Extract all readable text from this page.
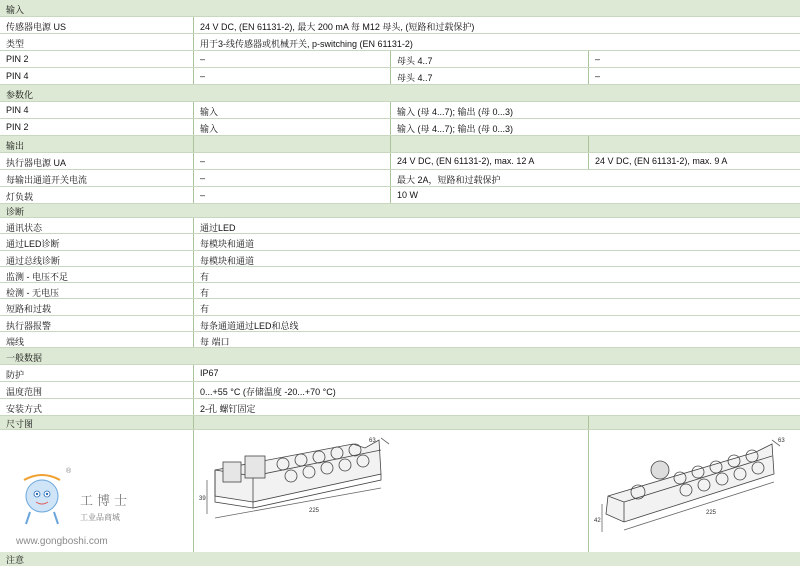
输入
传感器电源 US	24 V DC, (EN 61131-2), 最大 200 mA 每 M12 母头, (短路和过载保护)
类型	用于3-线传感器或机械开关, p-switching (EN 61131-2)
PIN 2	–	母头 4..7	–
PIN 4	–	母头 4..7	–
参数化
PIN 4	输入	输入 (母 4...7); 输出 (母 0...3)
PIN 2	输入	输入 (母 4...7); 输出 (母 0...3)
输出
执行器电源 UA	–	24 V DC, (EN 61131-2), max. 12 A	24 V DC, (EN 61131-2), max. 9 A
每输出通道开关电流	–	最大 2A，短路和过载保护
灯负载	–	10 W
诊断
通讯状态	通过LED
通过LED诊断	每模块和通道
通过总线诊断	每模块和通道
监测 - 电压不足	有
检测 - 无电压	有
短路和过载	有
执行器报警	每条通道通过LED和总线
端线	每 端口
一般数据
防护	IP67
温度范围	0...+55 °C (存储温度 -20...+70 °C)
安装方式	2-孔 螺钉固定
尺寸图
39
225
63
42
225
63
注意
®
工博士
工业品商城
www.gongboshi.com
